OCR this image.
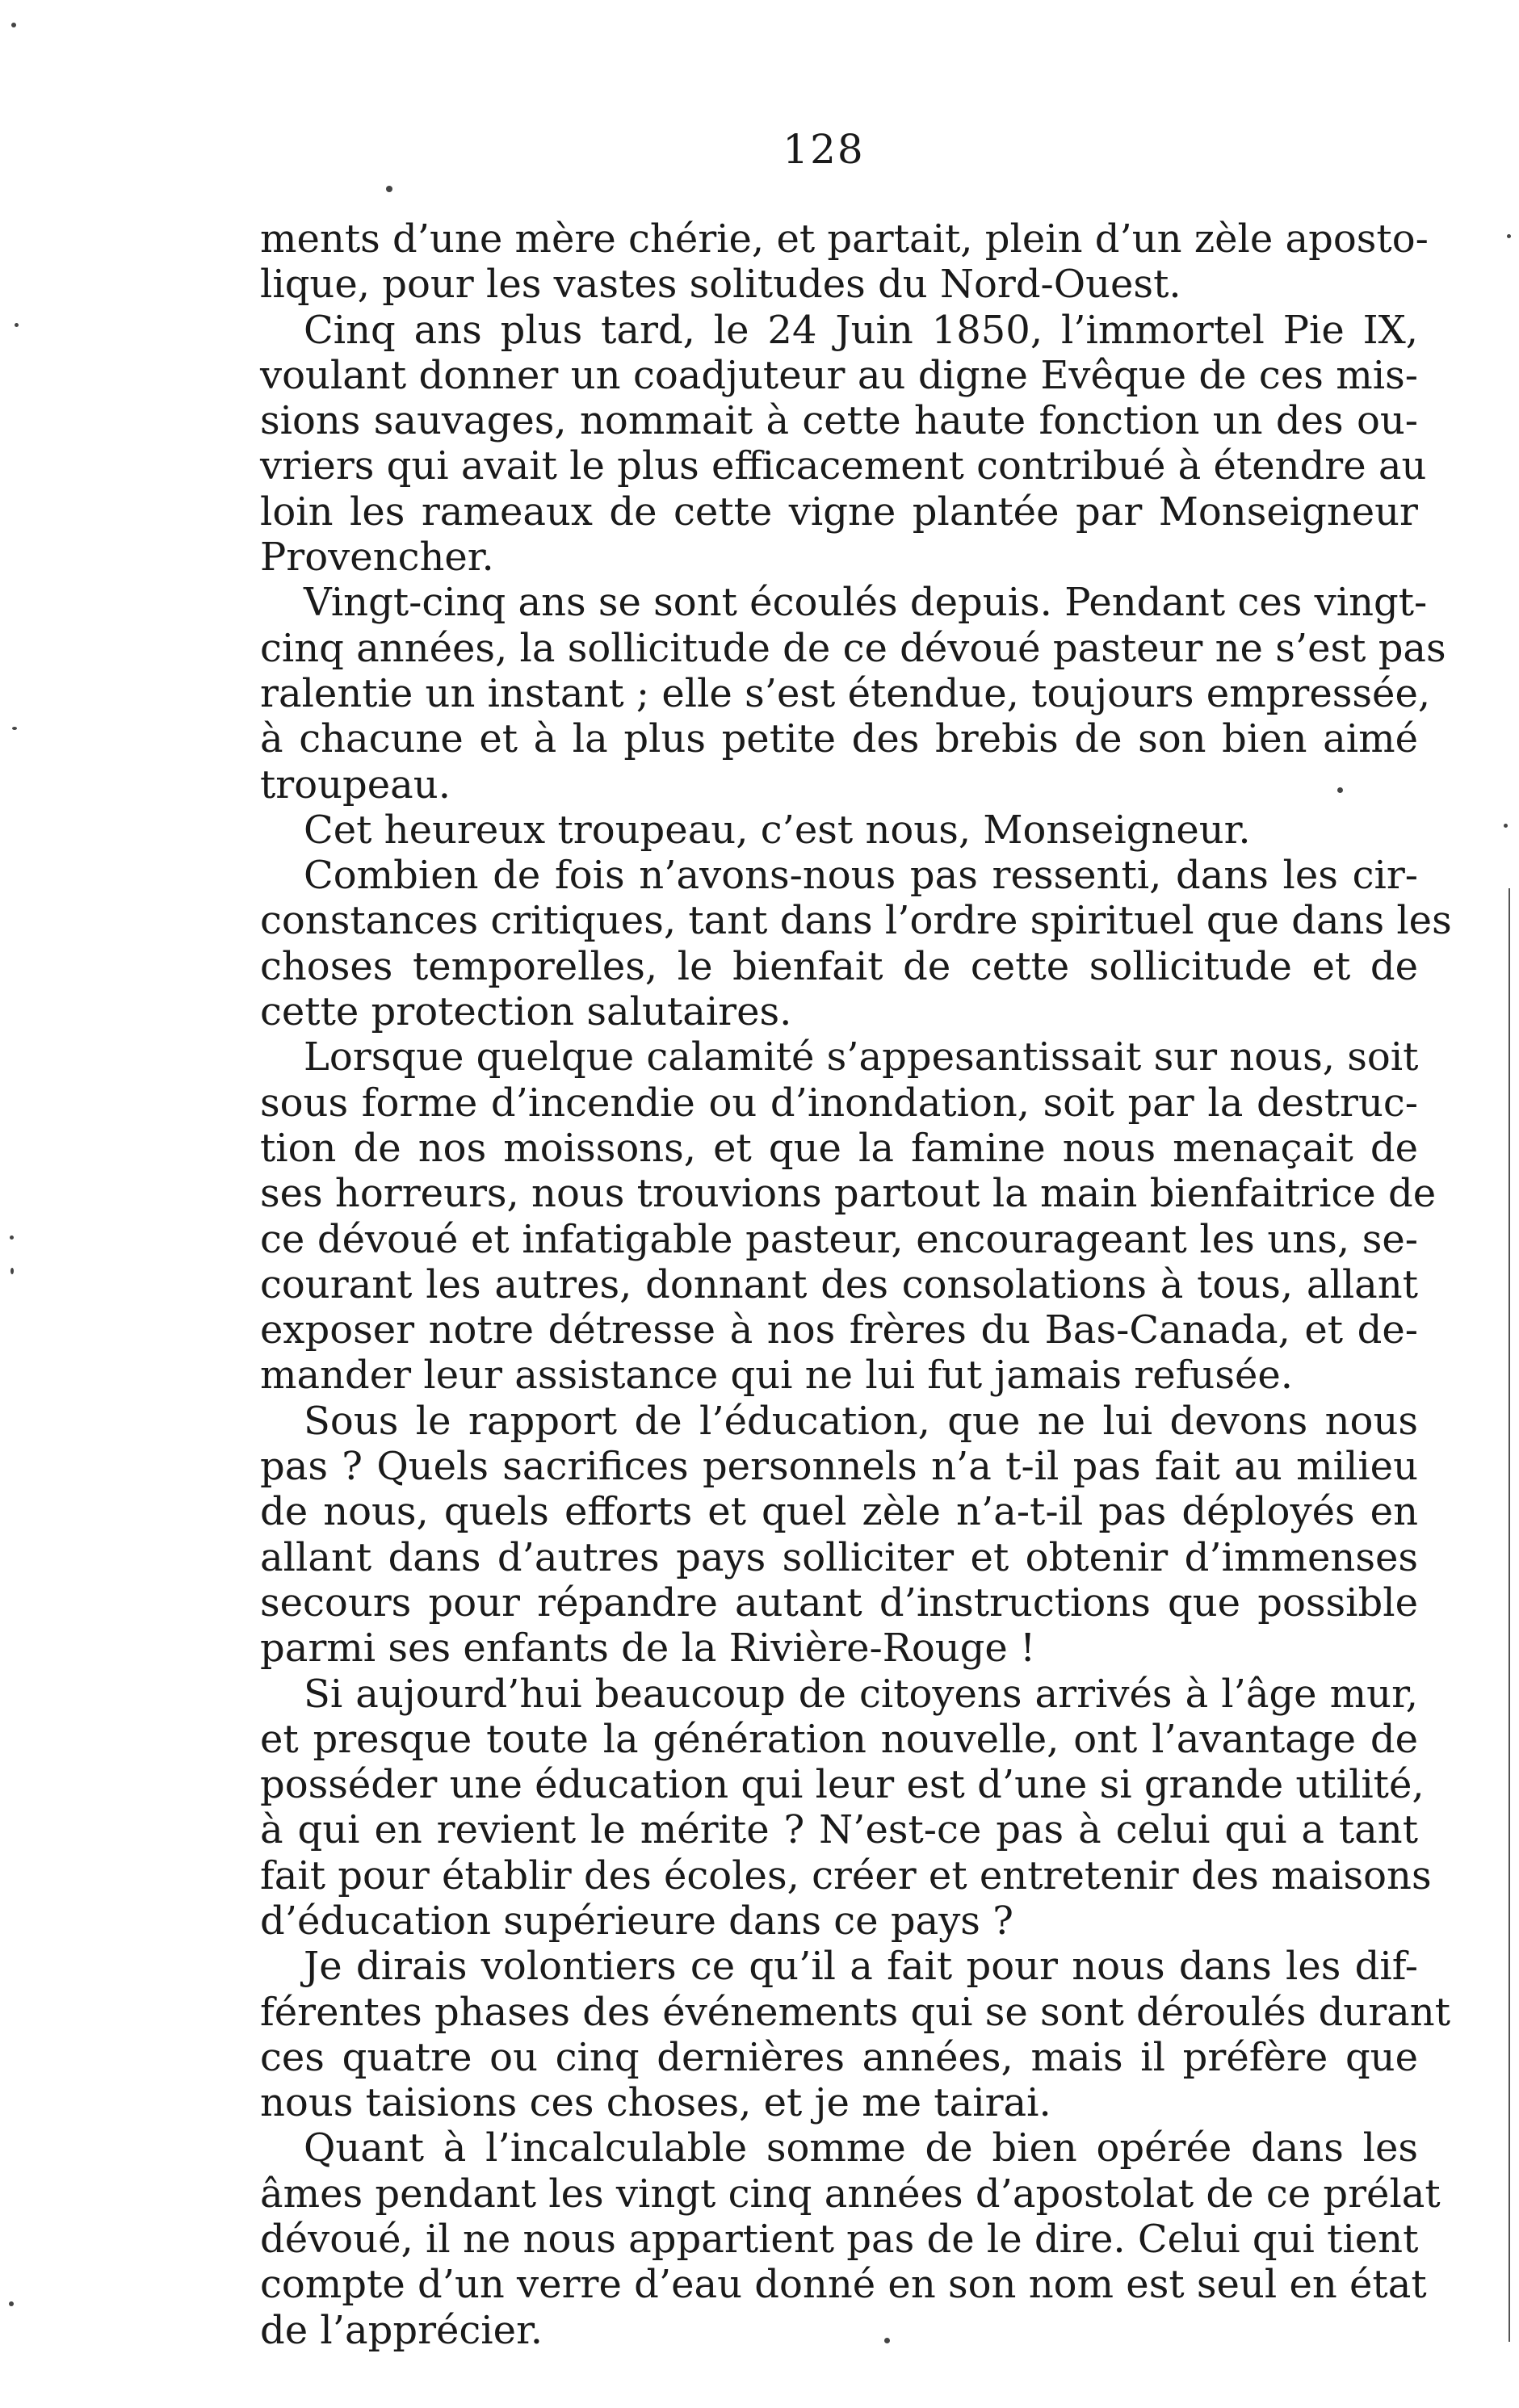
128
ments d’une mère chérie, et partait, plein d’un zèle aposto-
lique, pour les vastes solitudes du Nord-Ouest.
Cinq ans plus tard, le 24 Juin 1850, l’immortel Pie IX,
voulant donner un coadjuteur au digne Evêque de ces mis-
sions sauvages, nommait à cette haute fonction un des ou-
vriers qui avait le plus efficacement contribué à étendre au
loin les rameaux de cette vigne plantée par Monseigneur
Provencher.
Vingt-cinq ans se sont écoulés depuis. Pendant ces vingt-
cinq années, la sollicitude de ce dévoué pasteur ne s’est pas
ralentie un instant ; elle s’est étendue, toujours empressée,
à chacune et à la plus petite des brebis de son bien aimé
troupeau.
Cet heureux troupeau, c’est nous, Monseigneur.
Combien de fois n’avons-nous pas ressenti, dans les cir-
constances critiques, tant dans l’ordre spirituel que dans les
choses temporelles, le bienfait de cette sollicitude et de
cette protection salutaires.
Lorsque quelque calamité s’appesantissait sur nous, soit
sous forme d’incendie ou d’inondation, soit par la destruc-
tion de nos moissons, et que la famine nous menaçait de
ses horreurs, nous trouvions partout la main bienfaitrice de
ce dévoué et infatigable pasteur, encourageant les uns, se-
courant les autres, donnant des consolations à tous, allant
exposer notre détresse à nos frères du Bas-Canada, et de-
mander leur assistance qui ne lui fut jamais refusée.
Sous le rapport de l’éducation, que ne lui devons nous
pas ? Quels sacrifices personnels n’a t-il pas fait au milieu
de nous, quels efforts et quel zèle n’a-t-il pas déployés en
allant dans d’autres pays solliciter et obtenir d’immenses
secours pour répandre autant d’instructions que possible
parmi ses enfants de la Rivière-Rouge !
Si aujourd’hui beaucoup de citoyens arrivés à l’âge mur,
et presque toute la génération nouvelle, ont l’avantage de
posséder une éducation qui leur est d’une si grande utilité,
à qui en revient le mérite ? N’est-ce pas à celui qui a tant
fait pour établir des écoles, créer et entretenir des maisons
d’éducation supérieure dans ce pays ?
Je dirais volontiers ce qu’il a fait pour nous dans les dif-
férentes phases des événements qui se sont déroulés durant
ces quatre ou cinq dernières années, mais il préfère que
nous taisions ces choses, et je me tairai.
Quant à l’incalculable somme de bien opérée dans les
âmes pendant les vingt cinq années d’apostolat de ce prélat
dévoué, il ne nous appartient pas de le dire. Celui qui tient
compte d’un verre d’eau donné en son nom est seul en état
de l’apprécier.
